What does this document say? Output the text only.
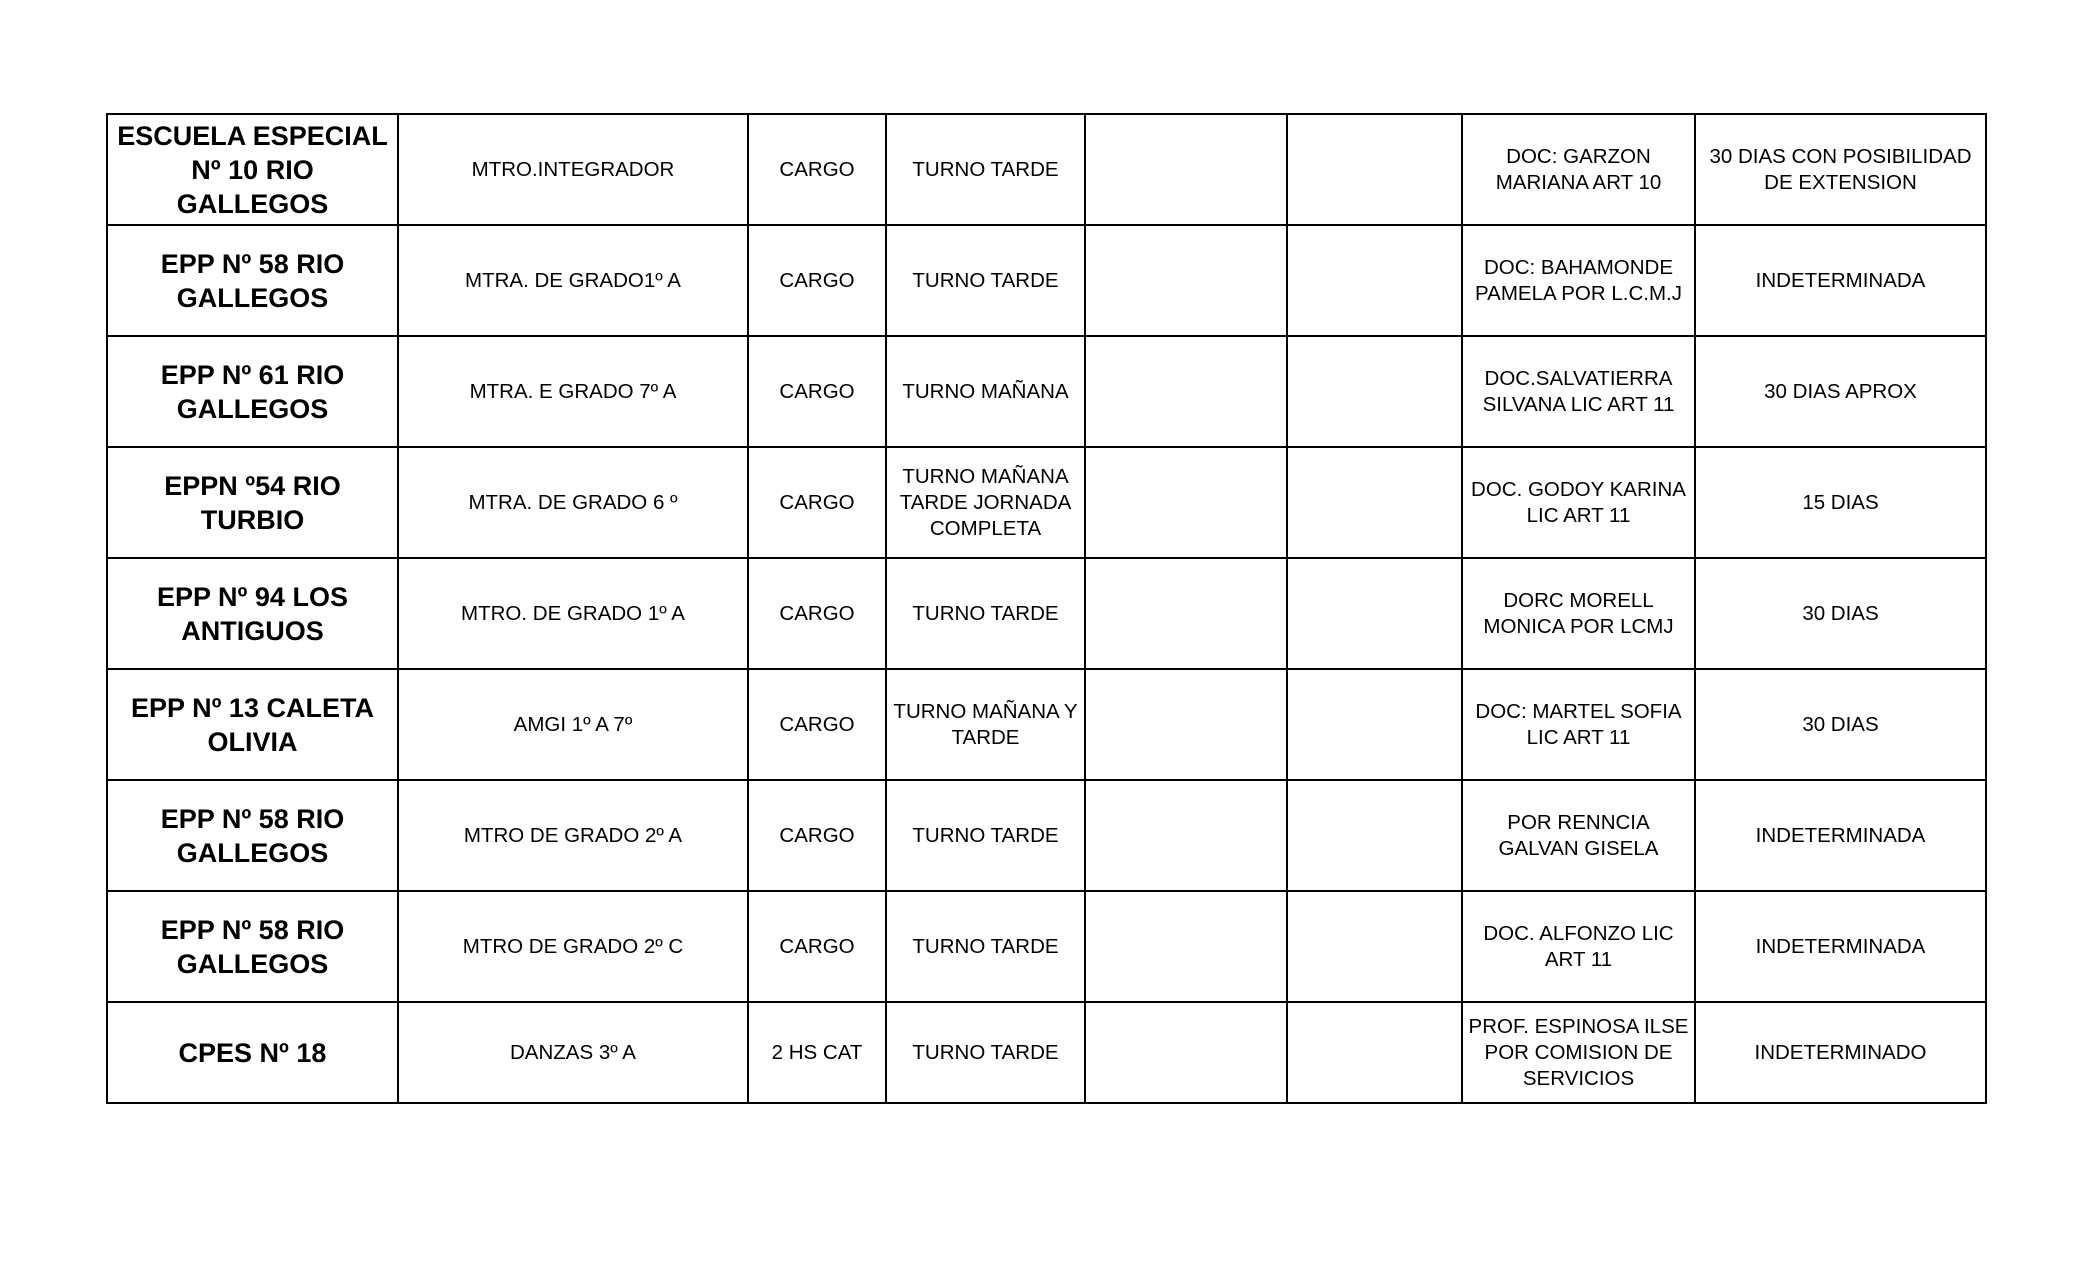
ESCUELA ESPECIAL Nº 10 RIO GALLEGOS	MTRO.INTEGRADOR	CARGO	TURNO TARDE			DOC: GARZON MARIANA ART 10	30 DIAS CON POSIBILIDAD DE EXTENSION
EPP Nº 58 RIO GALLEGOS	MTRA. DE GRADO1º A	CARGO	TURNO TARDE			DOC: BAHAMONDE PAMELA POR L.C.M.J	INDETERMINADA
EPP Nº 61 RIO GALLEGOS	MTRA. E GRADO 7º A	CARGO	TURNO MAÑANA			DOC.SALVATIERRA SILVANA LIC ART 11	30 DIAS APROX
EPPN º54 RIO TURBIO	MTRA. DE GRADO 6 º	CARGO	TURNO MAÑANA TARDE JORNADA COMPLETA			DOC. GODOY KARINA LIC ART 11	15 DIAS
EPP Nº 94 LOS ANTIGUOS	MTRO. DE GRADO 1º A	CARGO	TURNO TARDE			DORC MORELL MONICA POR LCMJ	30 DIAS
EPP Nº 13 CALETA OLIVIA	AMGI 1º A 7º	CARGO	TURNO MAÑANA Y TARDE			DOC: MARTEL SOFIA LIC ART 11	30 DIAS
EPP Nº 58 RIO GALLEGOS	MTRO DE GRADO 2º A	CARGO	TURNO TARDE			POR RENNCIA GALVAN GISELA	INDETERMINADA
EPP Nº 58 RIO GALLEGOS	MTRO DE GRADO 2º C	CARGO	TURNO TARDE			DOC. ALFONZO LIC ART 11	INDETERMINADA
CPES Nº 18	DANZAS 3º A	2 HS CAT	TURNO TARDE			PROF. ESPINOSA ILSE POR COMISION DE SERVICIOS	INDETERMINADO
